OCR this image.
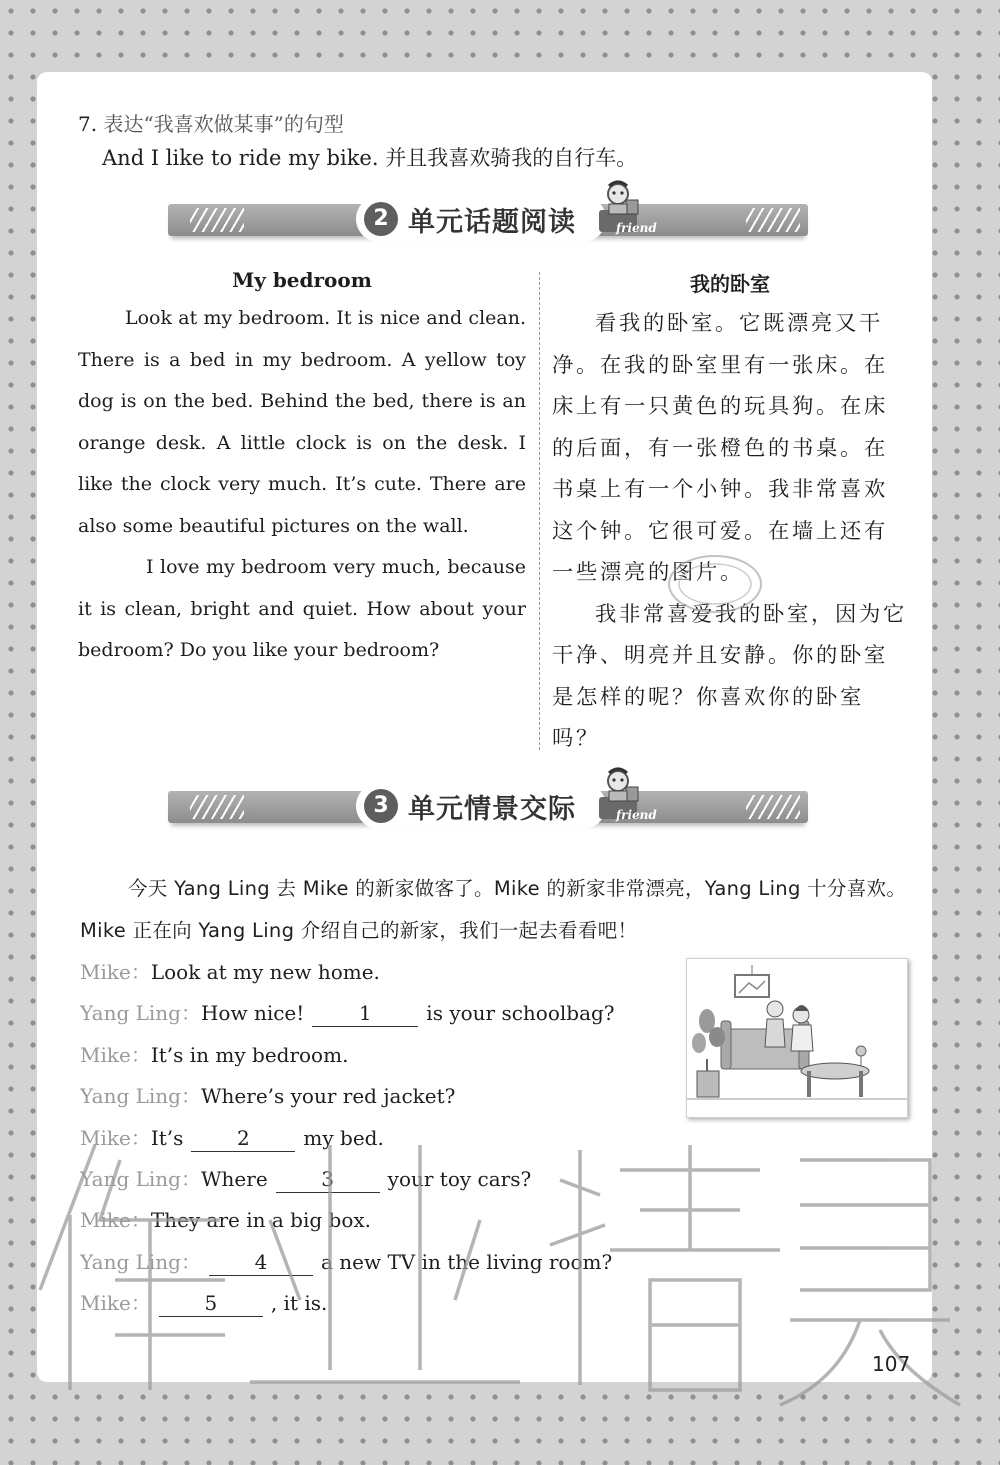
7. 表达“我喜欢做某事”的句型
And I like to ride my bike. 并且我喜欢骑我的自行车。
2 单元话题阅读	friend
My bedroom

Look at my bedroom. It is nice and clean. There is a bed in my bedroom. A yellow toy dog is on the bed. Behind the bed, there is an orange desk. A little clock is on the desk. I like the clock very much. It’s cute. There are also some beautiful pictures on the wall.

I love my bedroom very much, because it is clean, bright and quiet. How about your bedroom? Do you like your bedroom?

我的卧室

看我的卧室。它既漂亮又干净。在我的卧室里有一张床。在床上有一只黄色的玩具狗。在床的后面，有一张橙色的书桌。在书桌上有一个小钟。我非常喜欢这个钟。它很可爱。在墙上还有一些漂亮的图片。

我非常喜爱我的卧室，因为它干净、明亮并且安静。你的卧室是怎样的呢？你喜欢你的卧室吗？

3 单元情景交际	friend
今天 Yang Ling 去 Mike 的新家做客了。Mike 的新家非常漂亮，Yang Ling 十分喜欢。Mike 正在向 Yang Ling 介绍自己的新家，我们一起去看看吧！
Mike：Look at my new home.
Yang Ling：How nice!	1	is your schoolbag?
Mike：It’s in my bedroom.
Yang Ling：Where’s your red jacket?
Mike：It’s	2	my bed.
Yang Ling：Where	3	your toy cars?
Mike：They are in a big box.
Yang Ling：	4	a new TV in the living room?
Mike：	5	, it is.
107
